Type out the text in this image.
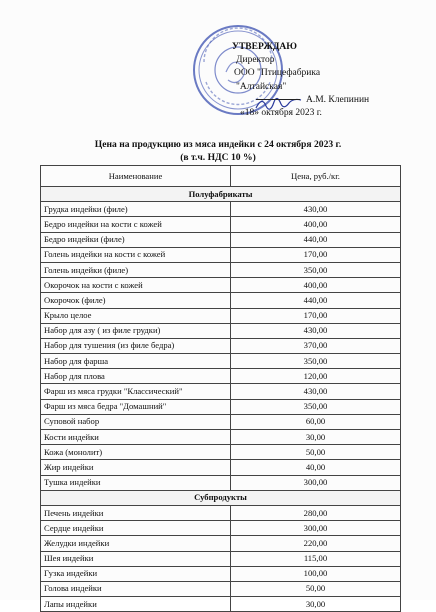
УТВЕРЖДАЮ
Директор
ООО "Птицефабрика
"Алтайская"
А.М. Клепинин
«18» октября 2023 г.
Цена на продукцию из мяса индейки с 24 октября 2023 г.
(в т.ч. НДС 10 %)
Наименование	Цена, руб./кг.
Полуфабрикаты	
Грудка индейки (филе)	430,00
Бедро индейки на кости с кожей	400,00
Бедро индейки (филе)	440,00
Голень индейки на кости с кожей	170,00
Голень индейки (филе)	350,00
Окорочок на кости с кожей	400,00
Окорочок (филе)	440,00
Крыло целое	170,00
Набор для азу ( из филе грудки)	430,00
Набор для тушения (из филе бедра)	370,00
Набор для фарша	350,00
Набор для плова	120,00
Фарш из мяса грудки "Классический"	430,00
Фарш из мяса бедра "Домашний"	350,00
Суповой набор	60,00
Кости индейки	30,00
Кожа (монолит)	50,00
Жир индейки	40,00
Тушка индейки	300,00
Субпродукты	
Печень индейки	280,00
Сердце индейки	300,00
Желудки индейки	220,00
Шея индейки	115,00
Гузка индейки	100,00
Голова индейки	50,00
Лапы индейки	30,00
